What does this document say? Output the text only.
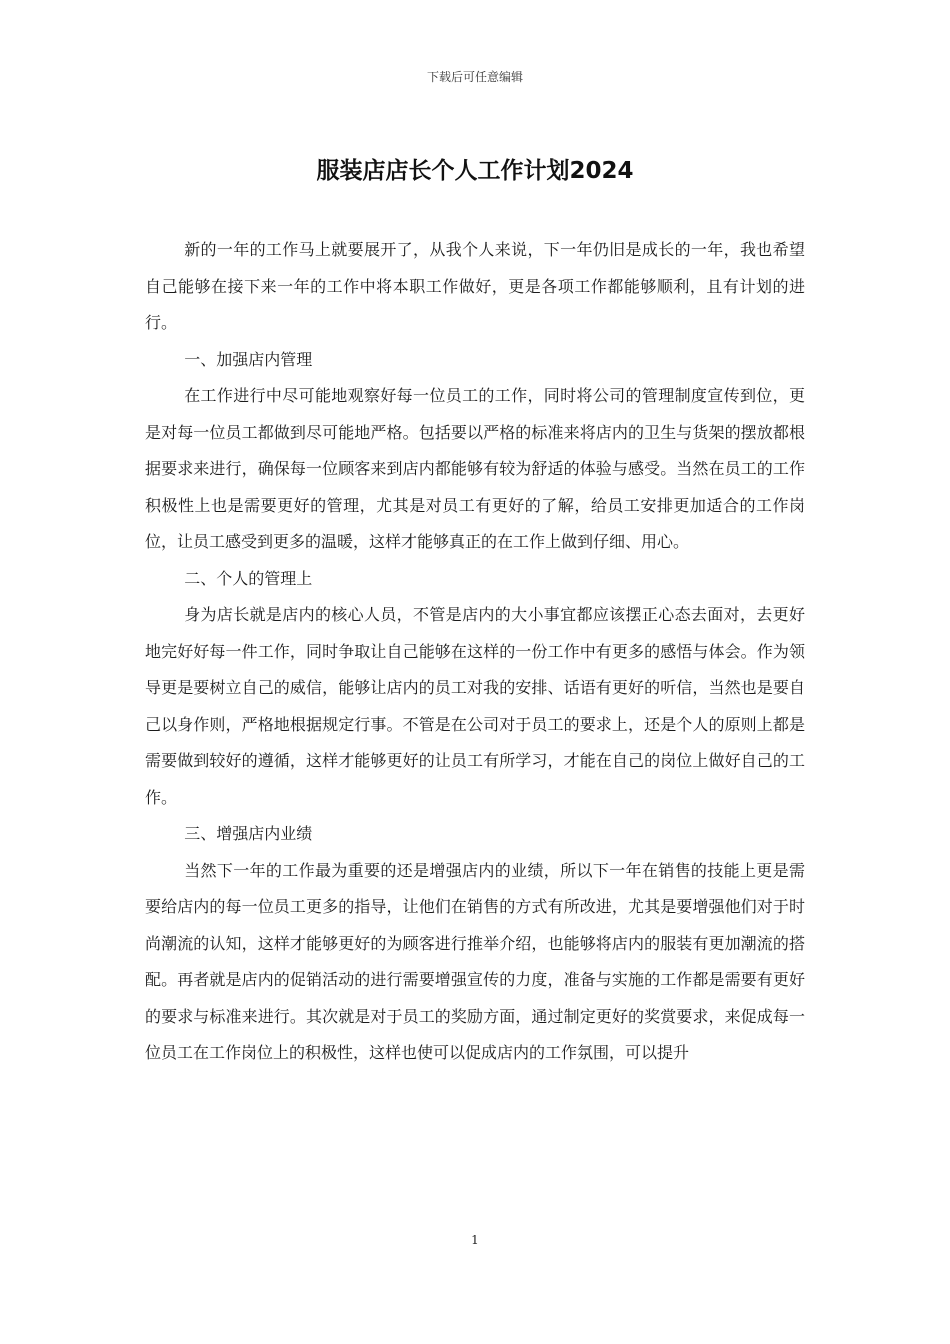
下载后可任意编辑
服装店店长个人工作计划2024

新的一年的工作马上就要展开了，从我个人来说，下一年仍旧是成长的一年，我也希望自己能够在接下来一年的工作中将本职工作做好，更是各项工作都能够顺利，且有计划的进行。

一、加强店内管理

在工作进行中尽可能地观察好每一位员工的工作，同时将公司的管理制度宣传到位，更是对每一位员工都做到尽可能地严格。包括要以严格的标准来将店内的卫生与货架的摆放都根据要求来进行，确保每一位顾客来到店内都能够有较为舒适的体验与感受。当然在员工的工作积极性上也是需要更好的管理，尤其是对员工有更好的了解，给员工安排更加适合的工作岗位，让员工感受到更多的温暖，这样才能够真正的在工作上做到仔细、用心。

二、个人的管理上

身为店长就是店内的核心人员，不管是店内的大小事宜都应该摆正心态去面对，去更好地完好好每一件工作，同时争取让自己能够在这样的一份工作中有更多的感悟与体会。作为领导更是要树立自己的威信，能够让店内的员工对我的安排、话语有更好的听信，当然也是要自己以身作则，严格地根据规定行事。不管是在公司对于员工的要求上，还是个人的原则上都是需要做到较好的遵循，这样才能够更好的让员工有所学习，才能在自己的岗位上做好自己的工作。

三、增强店内业绩

当然下一年的工作最为重要的还是增强店内的业绩，所以下一年在销售的技能上更是需要给店内的每一位员工更多的指导，让他们在销售的方式有所改进，尤其是要增强他们对于时尚潮流的认知，这样才能够更好的为顾客进行推举介绍，也能够将店内的服装有更加潮流的搭配。再者就是店内的促销活动的进行需要增强宣传的力度，准备与实施的工作都是需要有更好的要求与标准来进行。其次就是对于员工的奖励方面，通过制定更好的奖赏要求，来促成每一位员工在工作岗位上的积极性，这样也使可以促成店内的工作氛围，可以提升

1
